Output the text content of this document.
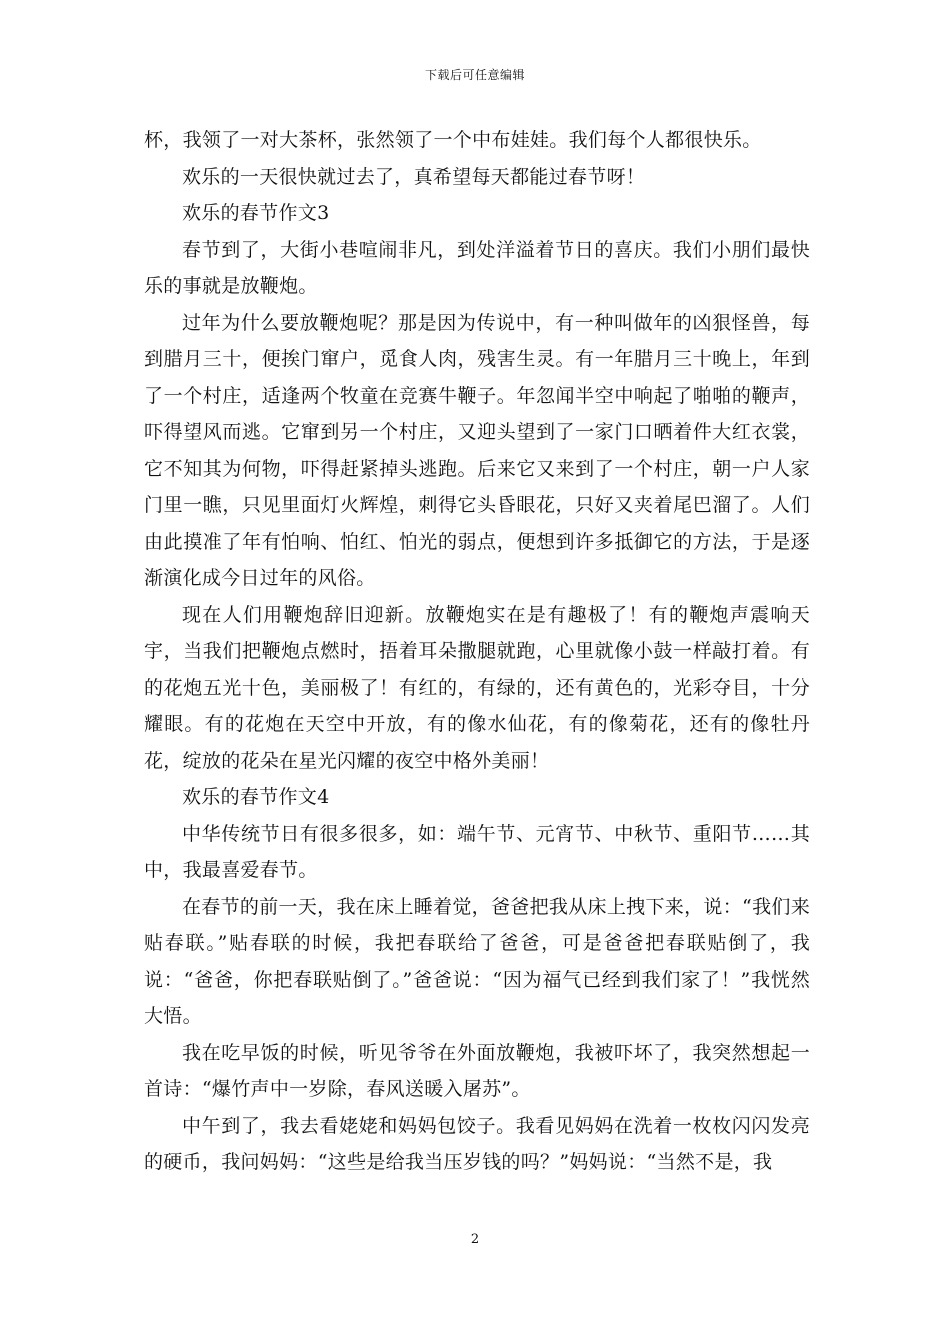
下载后可任意编辑

杯，我领了一对大茶杯，张然领了一个中布娃娃。我们每个人都很快乐。

欢乐的一天很快就过去了，真希望每天都能过春节呀！

欢乐的春节作文3

春节到了，大街小巷喧闹非凡，到处洋溢着节日的喜庆。我们小朋们最快乐的事就是放鞭炮。

过年为什么要放鞭炮呢？那是因为传说中，有一种叫做年的凶狠怪兽，每到腊月三十，便挨门窜户，觅食人肉，残害生灵。有一年腊月三十晚上，年到了一个村庄，适逢两个牧童在竞赛牛鞭子。年忽闻半空中响起了啪啪的鞭声，吓得望风而逃。它窜到另一个村庄，又迎头望到了一家门口晒着件大红衣裳，它不知其为何物，吓得赶紧掉头逃跑。后来它又来到了一个村庄，朝一户人家门里一瞧，只见里面灯火辉煌，刺得它头昏眼花，只好又夹着尾巴溜了。人们由此摸准了年有怕响、怕红、怕光的弱点，便想到许多抵御它的方法，于是逐渐演化成今日过年的风俗。

现在人们用鞭炮辞旧迎新。放鞭炮实在是有趣极了！有的鞭炮声震响天宇，当我们把鞭炮点燃时，捂着耳朵撒腿就跑，心里就像小鼓一样敲打着。有的花炮五光十色，美丽极了！有红的，有绿的，还有黄色的，光彩夺目，十分耀眼。有的花炮在天空中开放，有的像水仙花，有的像菊花，还有的像牡丹花，绽放的花朵在星光闪耀的夜空中格外美丽！

欢乐的春节作文4

中华传统节日有很多很多，如：端午节、元宵节、中秋节、重阳节……其中，我最喜爱春节。

在春节的前一天，我在床上睡着觉，爸爸把我从床上拽下来，说：“我们来贴春联。”贴春联的时候，我把春联给了爸爸，可是爸爸把春联贴倒了，我说：“爸爸，你把春联贴倒了。”爸爸说：“因为福气已经到我们家了！”我恍然大悟。

我在吃早饭的时候，听见爷爷在外面放鞭炮，我被吓坏了，我突然想起一首诗：“爆竹声中一岁除，春风送暖入屠苏”。

中午到了，我去看姥姥和妈妈包饺子。我看见妈妈在洗着一枚枚闪闪发亮的硬币，我问妈妈：“这些是给我当压岁钱的吗？”妈妈说：“当然不是，我

2
